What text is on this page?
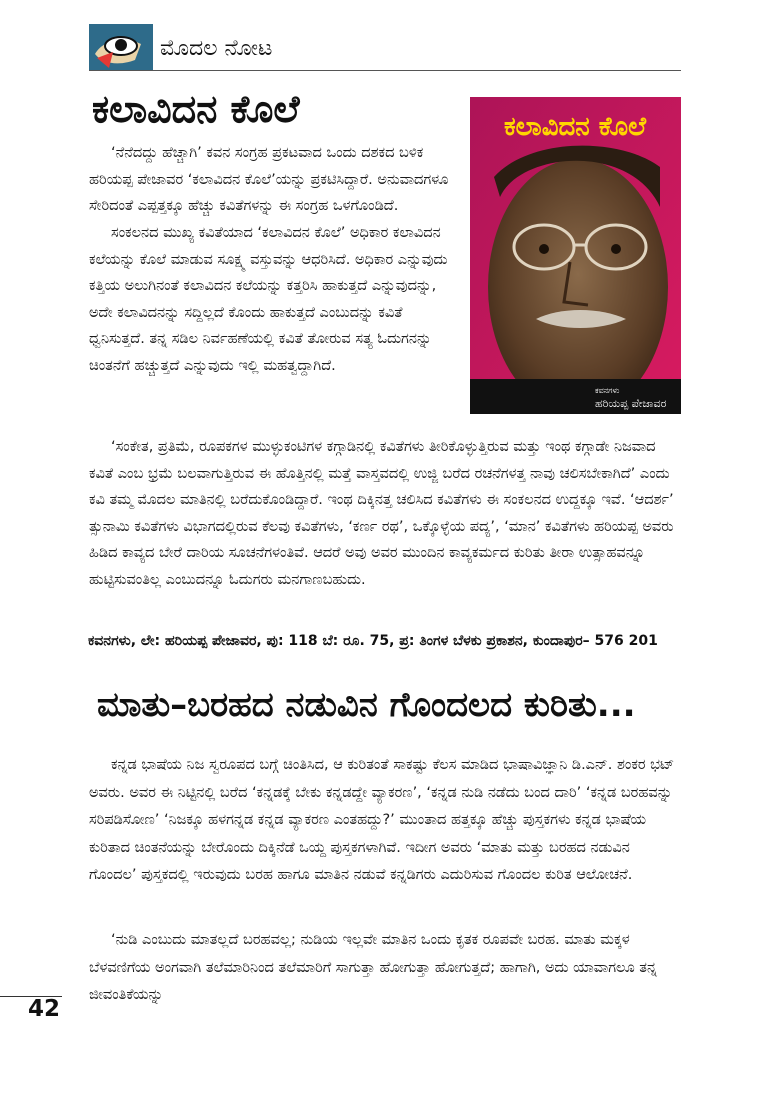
ಮೊದಲ ನೋಟ
ಕಲಾವಿದನ ಕೊಲೆ

‘ನೆನೆದದ್ದು ಹೆಚ್ಚಾಗಿ’ ಕವನ ಸಂಗ್ರಹ ಪ್ರಕಟವಾದ ಒಂದು ದಶಕದ ಬಳಿಕ ಹರಿಯಪ್ಪ ಪೇಜಾವರ ‘ಕಲಾವಿದನ ಕೊಲೆ’ಯನ್ನು ಪ್ರಕಟಿಸಿದ್ದಾರೆ. ಅನುವಾದಗಳೂ ಸೇರಿದಂತೆ ಎಪ್ಪತ್ತಕ್ಕೂ ಹೆಚ್ಚು ಕವಿತೆಗಳನ್ನು ಈ ಸಂಗ್ರಹ ಒಳಗೊಂಡಿದೆ.

ಸಂಕಲನದ ಮುಖ್ಯ ಕವಿತೆಯಾದ ‘ಕಲಾವಿದನ ಕೊಲೆ’ ಅಧಿಕಾರ ಕಲಾವಿದನ ಕಲೆಯನ್ನು ಕೊಲೆ ಮಾಡುವ ಸೂಕ್ಷ್ಮ ವಸ್ತುವನ್ನು ಆಧರಿಸಿದೆ. ಅಧಿಕಾರ ಎನ್ನುವುದು ಕತ್ತಿಯ ಅಲುಗಿನಂತೆ ಕಲಾವಿದನ ಕಲೆಯನ್ನು ಕತ್ತರಿಸಿ ಹಾಕುತ್ತದೆ ಎನ್ನುವುದನ್ನು, ಅದೇ ಕಲಾವಿದನನ್ನು ಸದ್ದಿಲ್ಲದೆ ಕೊಂದು ಹಾಕುತ್ತದೆ ಎಂಬುದನ್ನು ಕವಿತೆ ಧ್ವನಿಸುತ್ತದೆ. ತನ್ನ ಸಡಿಲ ನಿರ್ವಹಣೆಯಲ್ಲಿ ಕವಿತೆ ತೋರುವ ಸತ್ಯ ಓದುಗನನ್ನು ಚಿಂತನೆಗೆ ಹಚ್ಚುತ್ತದೆ ಎನ್ನುವುದು ಇಲ್ಲಿ ಮಹತ್ವದ್ದಾಗಿದೆ.

ಕಲಾವಿದನ ಕೊಲೆ
ಕವನಗಳು
ಹರಿಯಪ್ಪ ಪೇಜಾವರ

‘ಸಂಕೇತ, ಪ್ರತಿಮೆ, ರೂಪಕಗಳ ಮುಳ್ಳುಕಂಟಿಗಳ ಕಗ್ಗಾಡಿನಲ್ಲಿ ಕವಿತೆಗಳು ತೀರಿಕೊಳ್ಳುತ್ತಿರುವ ಮತ್ತು ಇಂಥ ಕಗ್ಗಾಡೇ ನಿಜವಾದ ಕವಿತೆ ಎಂಬ ಭ್ರಮೆ ಬಲವಾಗುತ್ತಿರುವ ಈ ಹೊತ್ತಿನಲ್ಲಿ ಮತ್ತೆ ವಾಸ್ತವದಲ್ಲಿ ಉಜ್ಜಿ ಬರೆದ ರಚನೆಗಳತ್ತ ನಾವು ಚಲಿಸಬೇಕಾಗಿದೆ’ ಎಂದು ಕವಿ ತಮ್ಮ ಮೊದಲ ಮಾತಿನಲ್ಲಿ ಬರೆದುಕೊಂಡಿದ್ದಾರೆ. ಇಂಥ ದಿಕ್ಕಿನತ್ತ ಚಲಿಸಿದ ಕವಿತೆಗಳು ಈ ಸಂಕಲನದ ಉದ್ದಕ್ಕೂ ಇವೆ. ‘ಆದರ್ಶ’ ತ್ಸುನಾಮಿ ಕವಿತೆಗಳು ವಿಭಾಗದಲ್ಲಿರುವ ಕೆಲವು ಕವಿತೆಗಳು, ‘ಕರ್ಣ ರಥ’, ಒಕ್ಕೊಳ್ಳೆಯ ಪದ್ಯ’, ‘ಮಾನ’ ಕವಿತೆಗಳು ಹರಿಯಪ್ಪ ಅವರು ಹಿಡಿದ ಕಾವ್ಯದ ಬೇರೆ ದಾರಿಯ ಸೂಚನೆಗಳಂತಿವೆ. ಆದರೆ ಅವು ಅವರ ಮುಂದಿನ ಕಾವ್ಯಕರ್ಮದ ಕುರಿತು ತೀರಾ ಉತ್ಸಾಹವನ್ನೂ ಹುಟ್ಟಿಸುವಂತಿಲ್ಲ ಎಂಬುದನ್ನೂ ಓದುಗರು ಮನಗಾಣಬಹುದು.

ಕವನಗಳು, ಲೇ: ಹರಿಯಪ್ಪ ಪೇಜಾವರ, ಪು: 118 ಬೆ: ರೂ. 75, ಪ್ರ: ತಿಂಗಳ ಬೆಳಕು ಪ್ರಕಾಶನ, ಕುಂದಾಪುರ– 576 201

ಮಾತು–ಬರಹದ ನಡುವಿನ ಗೊಂದಲದ ಕುರಿತು...

ಕನ್ನಡ ಭಾಷೆಯ ನಿಜ ಸ್ವರೂಪದ ಬಗ್ಗೆ ಚಿಂತಿಸಿದ, ಆ ಕುರಿತಂತೆ ಸಾಕಷ್ಟು ಕೆಲಸ ಮಾಡಿದ ಭಾಷಾವಿಜ್ಞಾನಿ ಡಿ.ಎನ್. ಶಂಕರ ಭಟ್ ಅವರು. ಅವರ ಈ ನಿಟ್ಟಿನಲ್ಲಿ ಬರೆದ ‘ಕನ್ನಡಕ್ಕೆ ಬೇಕು ಕನ್ನಡದ್ದೇ ವ್ಯಾಕರಣ’, ‘ಕನ್ನಡ ನುಡಿ ನಡೆದು ಬಂದ ದಾರಿ’ ‘ಕನ್ನಡ ಬರಹವನ್ನು ಸರಿಪಡಿಸೋಣ’ ‘ನಿಜಕ್ಕೂ ಹಳಗನ್ನಡ ಕನ್ನಡ ವ್ಯಾಕರಣ ಎಂತಹದ್ದು?’ ಮುಂತಾದ ಹತ್ತಕ್ಕೂ ಹೆಚ್ಚು ಪುಸ್ತಕಗಳು ಕನ್ನಡ ಭಾಷೆಯ ಕುರಿತಾದ ಚಿಂತನೆಯನ್ನು ಬೇರೊಂದು ದಿಕ್ಕಿನೆಡೆ ಒಯ್ದ ಪುಸ್ತಕಗಳಾಗಿವೆ. ಇದೀಗ ಅವರು ‘ಮಾತು ಮತ್ತು ಬರಹದ ನಡುವಿನ ಗೊಂದಲ’ ಪುಸ್ತಕದಲ್ಲಿ ಇರುವುದು ಬರಹ ಹಾಗೂ ಮಾತಿನ ನಡುವೆ ಕನ್ನಡಿಗರು ಎದುರಿಸುವ ಗೊಂದಲ ಕುರಿತ ಆಲೋಚನೆ.

‘ನುಡಿ ಎಂಬುದು ಮಾತಲ್ಲದೆ ಬರಹವಲ್ಲ; ನುಡಿಯ ಇಲ್ಲವೇ ಮಾತಿನ ಒಂದು ಕೃತಕ ರೂಪವೇ ಬರಹ. ಮಾತು ಮಕ್ಕಳ ಬೆಳವಣಿಗೆಯ ಅಂಗವಾಗಿ ತಲೆಮಾರಿನಿಂದ ತಲೆಮಾರಿಗೆ ಸಾಗುತ್ತಾ ಹೋಗುತ್ತಾ ಹೋಗುತ್ತದೆ; ಹಾಗಾಗಿ, ಅದು ಯಾವಾಗಲೂ ತನ್ನ ಜೀವಂತಿಕೆಯನ್ನು

42
